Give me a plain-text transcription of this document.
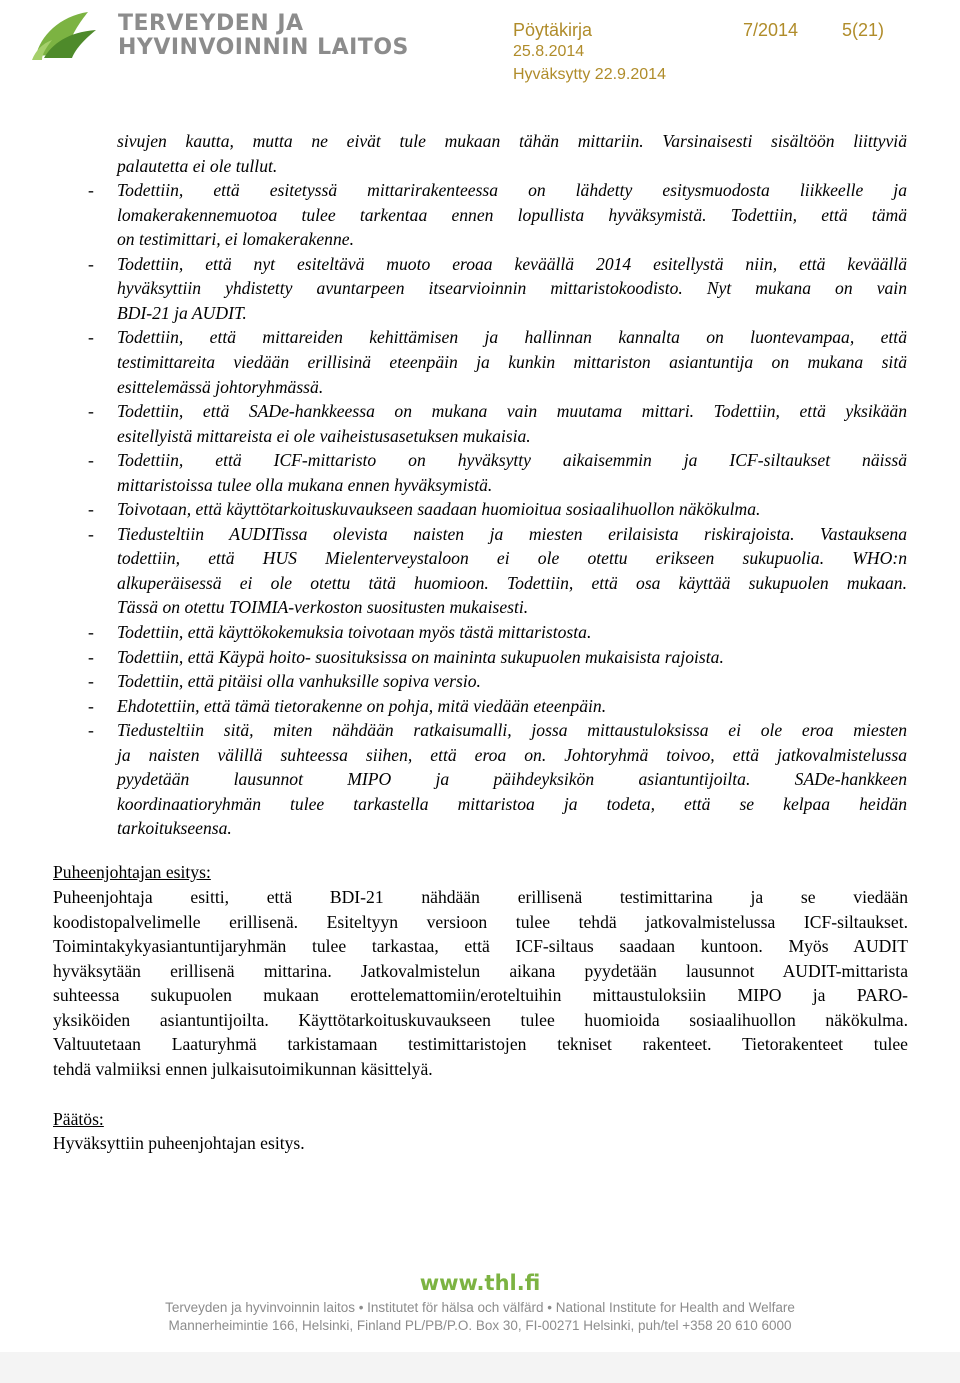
TERVEYDEN JA
HYVINVOINNIN LAITOS
Pöytäkirja	7/2014 5(21)
25.8.2014
Hyväksytty 22.9.2014
sivujen kautta, mutta ne eivät tule mukaan tähän mittariin. Varsinaisesti sisältöön liittyviä
palautetta ei ole tullut.
- Todettiin, että esitetyssä mittarirakenteessa on lähdetty esitysmuodosta liikkeelle ja
lomakerakennemuotoa tulee tarkentaa ennen lopullista hyväksymistä. Todettiin, että tämä
on testimittari, ei lomakerakenne.
- Todettiin, että nyt esiteltävä muoto eroaa keväällä 2014 esitellystä niin, että keväällä
hyväksyttiin yhdistetty avuntarpeen itsearvioinnin mittaristokoodisto. Nyt mukana on vain
BDI-21 ja AUDIT.
- Todettiin, että mittareiden kehittämisen ja hallinnan kannalta on luontevampaa, että
testimittareita viedään erillisinä eteenpäin ja kunkin mittariston asiantuntija on mukana sitä
esittelemässä johtoryhmässä.
- Todettiin, että SADe-hankkeessa on mukana vain muutama mittari. Todettiin, että yksikään
esitellyistä mittareista ei ole vaiheistusasetuksen mukaisia.
- Todettiin, että ICF-mittaristo on hyväksytty aikaisemmin ja ICF-siltaukset näissä
mittaristoissa tulee olla mukana ennen hyväksymistä.
- Toivotaan, että käyttötarkoituskuvaukseen saadaan huomioitua sosiaalihuollon näkökulma.
- Tiedusteltiin AUDITissa olevista naisten ja miesten erilaisista riskirajoista. Vastauksena
todettiin, että HUS Mielenterveystaloon ei ole otettu erikseen sukupuolia. WHO:n
alkuperäisessä ei ole otettu tätä huomioon. Todettiin, että osa käyttää sukupuolen mukaan.
Tässä on otettu TOIMIA-verkoston suositusten mukaisesti.
- Todettiin, että käyttökokemuksia toivotaan myös tästä mittaristosta.
- Todettiin, että Käypä hoito- suosituksissa on maininta sukupuolen mukaisista rajoista.
- Todettiin, että pitäisi olla vanhuksille sopiva versio.
- Ehdotettiin, että tämä tietorakenne on pohja, mitä viedään eteenpäin.
- Tiedusteltiin sitä, miten nähdään ratkaisumalli, jossa mittaustuloksissa ei ole eroa miesten
ja naisten välillä suhteessa siihen, että eroa on. Johtoryhmä toivoo, että jatkovalmistelussa
pyydetään lausunnot MIPO ja päihdeyksikön asiantuntijoilta. SADe-hankkeen
koordinaatioryhmän tulee tarkastella mittaristoa ja todeta, että se kelpaa heidän
tarkoitukseensa.
Puheenjohtajan esitys:
Puheenjohtaja esitti, että BDI-21 nähdään erillisenä testimittarina ja se viedään
koodistopalvelimelle erillisenä. Esiteltyyn versioon tulee tehdä jatkovalmistelussa ICF-siltaukset.
Toimintakykyasiantuntijaryhmän tulee tarkastaa, että ICF-siltaus saadaan kuntoon. Myös AUDIT
hyväksytään erillisenä mittarina. Jatkovalmistelun aikana pyydetään lausunnot AUDIT-mittarista
suhteessa sukupuolen mukaan erottelemattomiin/eroteltuihin mittaustuloksiin MIPO ja PARO-
yksiköiden asiantuntijoilta. Käyttötarkoituskuvaukseen tulee huomioida sosiaalihuollon näkökulma.
Valtuutetaan Laaturyhmä tarkistamaan testimittaristojen tekniset rakenteet. Tietorakenteet tulee
tehdä valmiiksi ennen julkaisutoimikunnan käsittelyä.
Päätös:
Hyväksyttiin puheenjohtajan esitys.
www.thl.fi
Terveyden ja hyvinvoinnin laitos • Institutet för hälsa och välfärd • National Institute for Health and Welfare
Mannerheimintie 166, Helsinki, Finland PL/PB/P.O. Box 30, FI-00271 Helsinki, puh/tel +358 20 610 6000
